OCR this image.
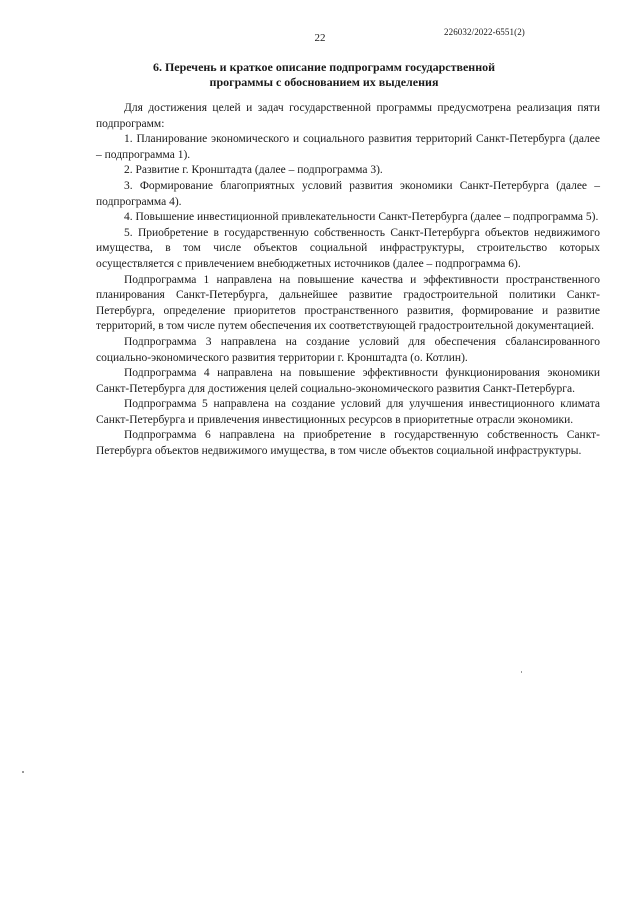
22	226032/2022-6551(2)
6. Перечень и краткое описание подпрограмм государственной
программы с обоснованием их выделения

Для достижения целей и задач государственной программы предусмотрена реализация пяти подпрограмм:

1. Планирование экономического и социального развития территорий Санкт-Петербурга (далее – подпрограмма 1).

2. Развитие г. Кронштадта (далее – подпрограмма 3).

3. Формирование благоприятных условий развития экономики Санкт-Петербурга (далее – подпрограмма 4).

4. Повышение инвестиционной привлекательности Санкт-Петербурга (далее – подпрограмма 5).

5. Приобретение в государственную собственность Санкт-Петербурга объектов недвижимого имущества, в том числе объектов социальной инфраструктуры, строительство которых осуществляется с привлечением внебюджетных источников (далее – подпрограмма 6).

Подпрограмма 1 направлена на повышение качества и эффективности пространственного планирования Санкт-Петербурга, дальнейшее развитие градостроительной политики Санкт-Петербурга, определение приоритетов пространственного развития, формирование и развитие территорий, в том числе путем обеспечения их соответствующей градостроительной документацией.

Подпрограмма 3 направлена на создание условий для обеспечения сбалансированного социально-экономического развития территории г. Кронштадта (о. Котлин).

Подпрограмма 4 направлена на повышение эффективности функционирования экономики Санкт-Петербурга для достижения целей социально-экономического развития Санкт-Петербурга.

Подпрограмма 5 направлена на создание условий для улучшения инвестиционного климата Санкт-Петербурга и привлечения инвестиционных ресурсов в приоритетные отрасли экономики.

Подпрограмма 6 направлена на приобретение в государственную собственность Санкт-Петербурга объектов недвижимого имущества, в том числе объектов социальной инфраструктуры.
